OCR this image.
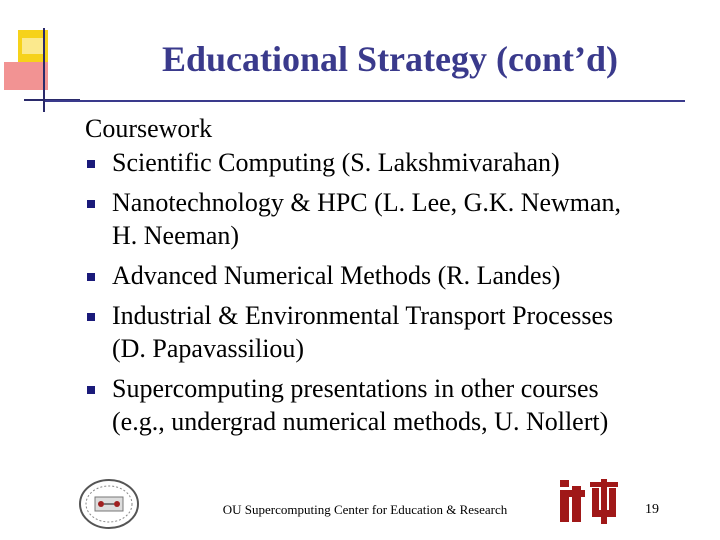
Educational Strategy (cont’d)
Coursework
Scientific Computing (S. Lakshmivarahan)
Nanotechnology & HPC (L. Lee, G.K. Newman,
H. Neeman)
Advanced Numerical Methods (R. Landes)
Industrial & Environmental Transport Processes
(D. Papavassiliou)
Supercomputing presentations in other courses
(e.g., undergrad numerical methods, U. Nollert)
OU Supercomputing Center for Education & Research	19
